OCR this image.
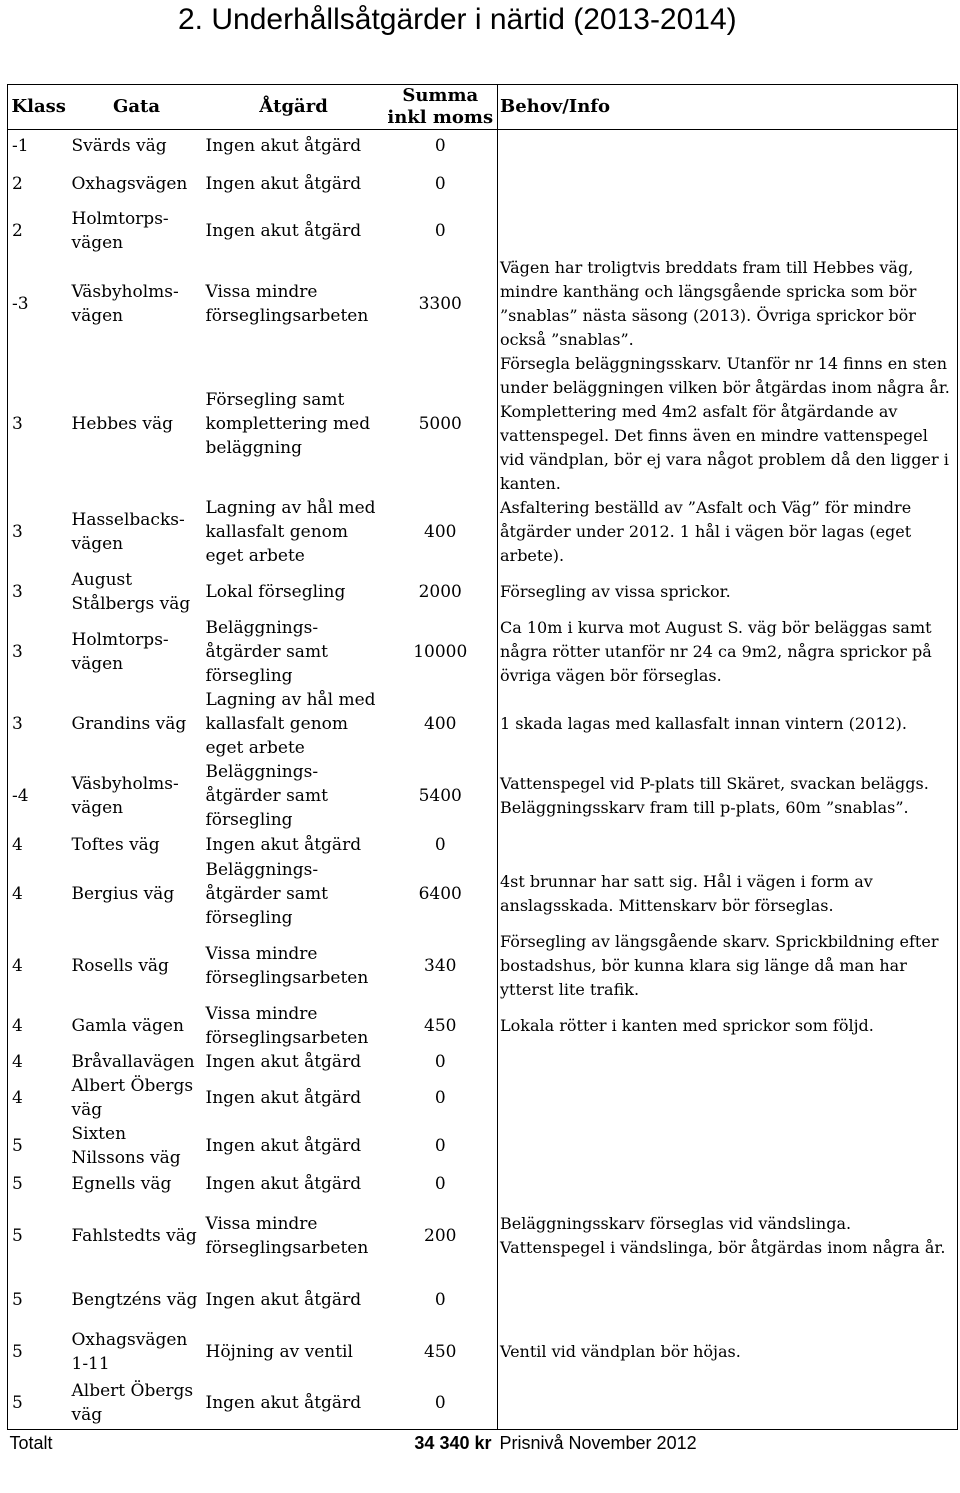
2. Underhållsåtgärder i närtid (2013-2014)
Klass	Gata	Åtgärd	Summa inkl moms	Behov/Info
-1	Svärds väg	Ingen akut åtgärd	0	
2	Oxhagsvägen	Ingen akut åtgärd	0	
2	Holmtorps-vägen	Ingen akut åtgärd	0	
-3	Väsbyholms-vägen	Vissa mindre förseglingsarbeten	3300	Vägen har troligtvis breddats fram till Hebbes väg, mindre kanthäng och längsgående spricka som bör ”snablas” nästa säsong (2013). Övriga sprickor bör också ”snablas”.
3	Hebbes väg	Försegling samt komplettering med beläggning	5000	Försegla beläggningsskarv. Utanför nr 14 finns en sten under beläggningen vilken bör åtgärdas inom några år. Komplettering med 4m2 asfalt för åtgärdande av vattenspegel. Det finns även en mindre vattenspegel vid vändplan, bör ej vara något problem då den ligger i kanten.
3	Hasselbacks-vägen	Lagning av hål med kallasfalt genom eget arbete	400	Asfaltering beställd av ”Asfalt och Väg” för mindre åtgärder under 2012. 1 hål i vägen bör lagas (eget arbete).
3	August Stålbergs väg	Lokal försegling	2000	Försegling av vissa sprickor.
3	Holmtorps-vägen	Beläggnings-åtgärder samt försegling	10000	Ca 10m i kurva mot August S. väg bör beläggas samt några rötter utanför nr 24 ca 9m2, några sprickor på övriga vägen bör förseglas.
3	Grandins väg	Lagning av hål med kallasfalt genom eget arbete	400	1 skada lagas med kallasfalt innan vintern (2012).
-4	Väsbyholms-vägen	Beläggnings-åtgärder samt försegling	5400	Vattenspegel vid P-plats till Skäret, svackan beläggs. Beläggningsskarv fram till p-plats, 60m ”snablas”.
4	Toftes väg	Ingen akut åtgärd	0	
4	Bergius väg	Beläggnings-åtgärder samt försegling	6400	4st brunnar har satt sig. Hål i vägen i form av anslagsskada. Mittenskarv bör förseglas.
4	Rosells väg	Vissa mindre förseglingsarbeten	340	Försegling av längsgående skarv. Sprickbildning efter bostadshus, bör kunna klara sig länge då man har ytterst lite trafik.
4	Gamla vägen	Vissa mindre förseglingsarbeten	450	Lokala rötter i kanten med sprickor som följd.
4	Bråvallavägen	Ingen akut åtgärd	0	
4	Albert Öbergs väg	Ingen akut åtgärd	0	
5	Sixten Nilssons väg	Ingen akut åtgärd	0	
5	Egnells väg	Ingen akut åtgärd	0	
5	Fahlstedts väg	Vissa mindre förseglingsarbeten	200	Beläggningsskarv förseglas vid vändslinga. Vattenspegel i vändslinga, bör åtgärdas inom några år.
5	Bengtzéns väg	Ingen akut åtgärd	0	
5	Oxhagsvägen 1-11	Höjning av ventil	450	Ventil vid vändplan bör höjas.
5	Albert Öbergs väg	Ingen akut åtgärd	0	
Totalt			34 340 kr	Prisnivå November 2012
